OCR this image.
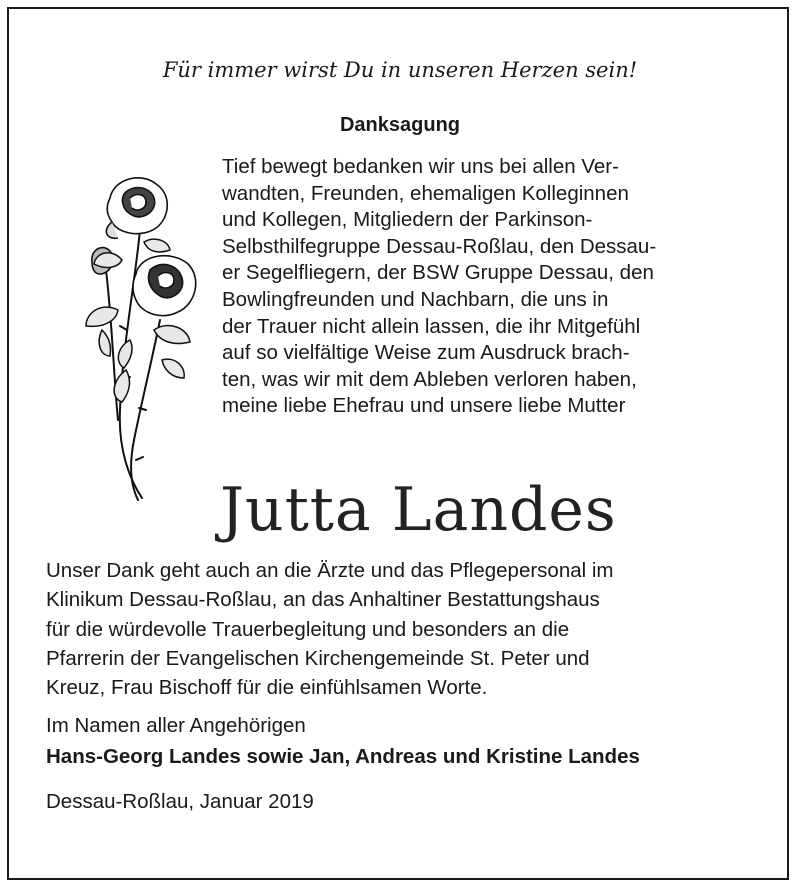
Für immer wirst Du in unseren Herzen sein!
Danksagung
Tief bewegt bedanken wir uns bei allen Ver-
wandten, Freunden, ehemaligen Kolleginnen
und Kollegen, Mitgliedern der Parkinson-
Selbsthilfegruppe Dessau-Roßlau, den Dessau-
er Segelfliegern, der BSW Gruppe Dessau, den
Bowlingfreunden und Nachbarn, die uns in
der Trauer nicht allein lassen, die ihr Mitgefühl
auf so vielfältige Weise zum Ausdruck brach-
ten, was wir mit dem Ableben verloren haben,
meine liebe Ehefrau und unsere liebe Mutter
Jutta Landes
Unser Dank geht auch an die Ärzte und das Pflegepersonal im
Klinikum Dessau-Roßlau, an das Anhaltiner Bestattungshaus
für die würdevolle Trauerbegleitung und besonders an die
Pfarrerin der Evangelischen Kirchengemeinde St. Peter und
Kreuz, Frau Bischoff für die einfühlsamen Worte.
Im Namen aller Angehörigen
Hans-Georg Landes sowie Jan, Andreas und Kristine Landes
Dessau-Roßlau, Januar 2019
